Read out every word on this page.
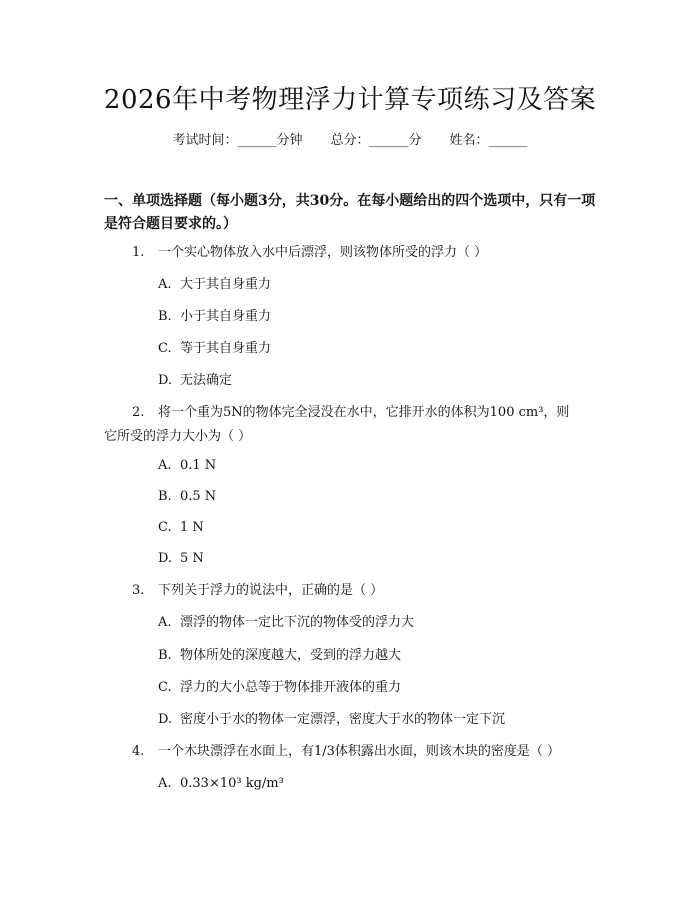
2026年中考物理浮力计算专项练习及答案
考试时间：______分钟 总分：______分 姓名：______
一、单项选择题（每小题3分，共30分。在每小题给出的四个选项中，只有一项是符合题目要求的。）
1. 一个实心物体放入水中后漂浮，则该物体所受的浮力（ ）
A. 大于其自身重力
B. 小于其自身重力
C. 等于其自身重力
D. 无法确定
2. 将一个重为5N的物体完全浸没在水中，它排开水的体积为100 cm³，则
它所受的浮力大小为（ ）
A. 0.1 N
B. 0.5 N
C. 1 N
D. 5 N
3. 下列关于浮力的说法中，正确的是（ ）
A. 漂浮的物体一定比下沉的物体受的浮力大
B. 物体所处的深度越大，受到的浮力越大
C. 浮力的大小总等于物体排开液体的重力
D. 密度小于水的物体一定漂浮，密度大于水的物体一定下沉
4. 一个木块漂浮在水面上，有1/3体积露出水面，则该木块的密度是（ ）
A. 0.33×10³ kg/m³
